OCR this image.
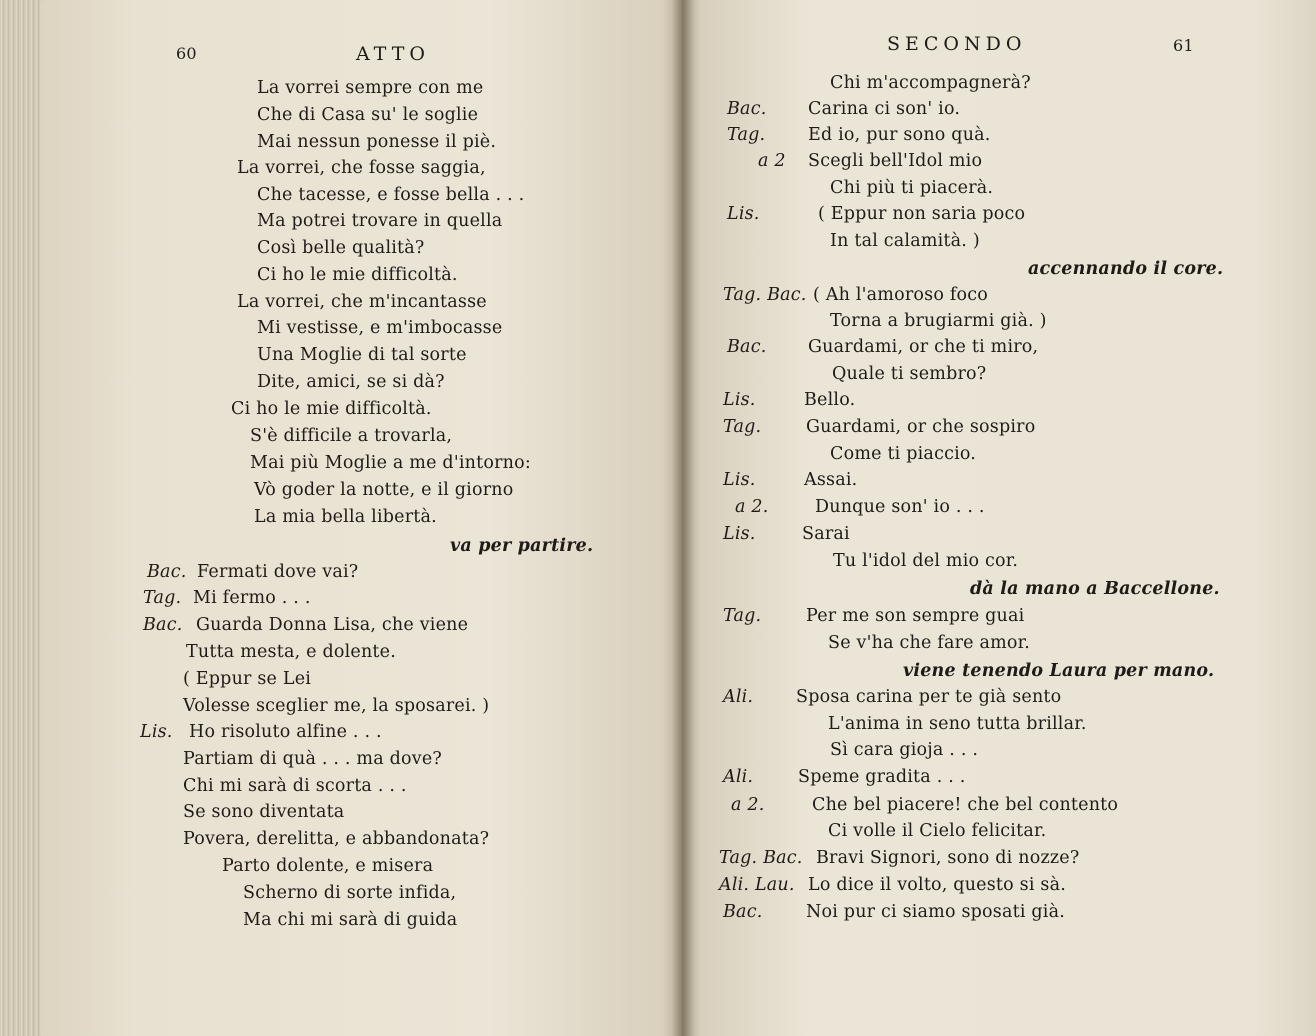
60	ATTO
La vorrei sempre con me
Che di Casa su' le soglie
Mai nessun ponesse il piè.
La vorrei, che fosse saggia,
Che tacesse, e fosse bella . . .
Ma potrei trovare in quella
Così belle qualità?
Ci ho le mie difficoltà.
La vorrei, che m'incantasse
Mi vestisse, e m'imbocasse
Una Moglie di tal sorte
Dite, amici, se si dà?
Ci ho le mie difficoltà.
S'è difficile a trovarla,
Mai più Moglie a me d'intorno:
Vò goder la notte, e il giorno
La mia bella libertà.
va per partire.
Bac. Fermati dove vai?
Tag. Mi fermo . . .
Bac. Guarda Donna Lisa, che viene
Tutta mesta, e dolente.
( Eppur se Lei
Volesse sceglier me, la sposarei. )
Lis. Ho risoluto alfine . . .
Partiam di quà . . . ma dove?
Chi mi sarà di scorta . . .
Se sono diventata
Povera, derelitta, e abbandonata?
Parto dolente, e misera
Scherno di sorte infida,
Ma chi mi sarà di guida
SECONDO	61
Chi m'accompagnerà?
Bac. Carina ci son' io.
Tag. Ed io, pur sono quà.
a 2 Scegli bell'Idol mio
Chi più ti piacerà.
Lis.	( Eppur non saria poco
In tal calamità. )
accennando il core.
Tag. Bac. ( Ah l'amoroso foco
Torna a brugiarmi già. )
Bac. Guardami, or che ti miro,
Quale ti sembro?
Lis.	Bello.
Tag.	Guardami, or che sospiro
Come ti piaccio.
Lis.	Assai.
a 2.	Dunque son' io . . .
Lis.	Sarai
Tu l'idol del mio cor.
dà la mano a Baccellone.
Tag.	Per me son sempre guai
Se v'ha che fare amor.
viene tenendo Laura per mano.
Ali. Sposa carina per te già sento
L'anima in seno tutta brillar.
Sì cara gioja . . .
Ali.	Speme gradita . . .
a 2.	Che bel piacere! che bel contento
Ci volle il Cielo felicitar.
Tag. Bac. Bravi Signori, sono di nozze?
Ali. Lau. Lo dice il volto, questo si sà.
Bac. Noi pur ci siamo sposati già.
